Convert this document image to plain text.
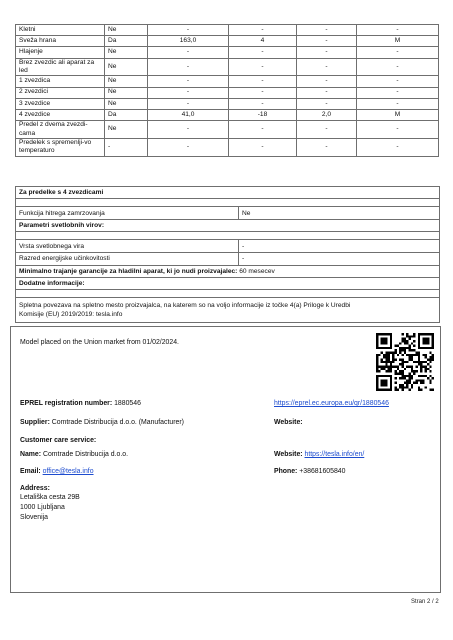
Kletni	Ne	-	-	-	-
Sveža hrana	Da	163,0	4	-	M
Hlajenje	Ne	-	-	-	-
Brez zvezdic ali aparat za led	Ne	-	-	-	-
1 zvezdica	Ne	-	-	-	-
2 zvezdici	Ne	-	-	-	-
3 zvezdice	Ne	-	-	-	-
4 zvezdice	Da	41,0	-18	2,0	M
Predel z dvema zvezdi-cama	Ne	-	-	-	-
Predelek s spremenlji-vo temperaturo	-	-	-	-	-
Za predelke s 4 zvezdicami
Funkcija hitrega zamrzovanja	Ne
Parametri svetlobnih virov:
Vrsta svetlobnega vira	-
Razred energijske učinkovitosti	-
Minimalno trajanje garancije za hladilni aparat, ki jo nudi proizvajalec:
60 mesecev
Dodatne informacije:
Spletna povezava na spletno mesto proizvajalca, na katerem so na voljo informacije iz točke 4(a) Priloge k Uredbi
Komisije (EU) 2019/2019: tesla.info
Model placed on the Union market from 01/02/2024.
EPREL registration number: 1880546	https://eprel.ec.europa.eu/qr/1880546
Supplier: Comtrade Distribucija d.o.o. (Manufacturer)	Website:
Customer care service:
Name: Comtrade Distribucija d.o.o.	Website: https://tesla.info/en/
Email: office@tesla.info	Phone: +38681605840
Address:
Letališka cesta 29B
1000 Ljubljana
Slovenija
Stran 2 / 2
